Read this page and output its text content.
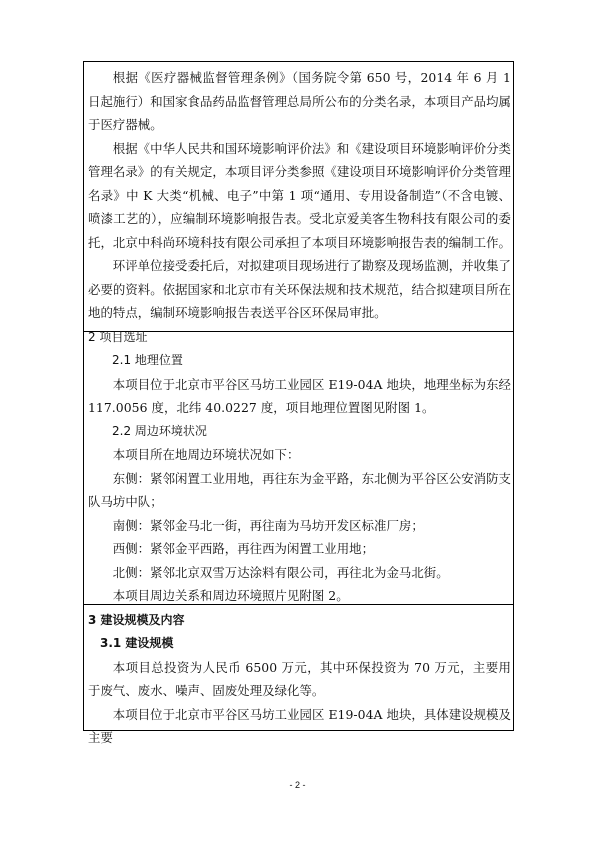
根据《医疗器械监督管理条例》（国务院令第 650 号，2014 年 6 月 1 日起施行）和国家食品药品监督管理总局所公布的分类名录，本项目产品均属于医疗器械。

根据《中华人民共和国环境影响评价法》和《建设项目环境影响评价分类管理名录》的有关规定，本项目评分类参照《建设项目环境影响评价分类管理名录》中 K 大类“机械、电子”中第 1 项“通用、专用设备制造”（不含电镀、喷漆工艺的），应编制环境影响报告表。受北京爱美客生物科技有限公司的委托，北京中科尚环境科技有限公司承担了本项目环境影响报告表的编制工作。

环评单位接受委托后，对拟建项目现场进行了勘察及现场监测，并收集了必要的资料。依据国家和北京市有关环保法规和技术规范，结合拟建项目所在地的特点，编制环境影响报告表送平谷区环保局审批。

2 项目选址

2.1 地理位置

本项目位于北京市平谷区马坊工业园区 E19-04A 地块，地理坐标为东经 117.0056 度，北纬 40.0227 度，项目地理位置图见附图 1。

2.2 周边环境状况

本项目所在地周边环境状况如下：

东侧：紧邻闲置工业用地，再往东为金平路，东北侧为平谷区公安消防支队马坊中队；

南侧：紧邻金马北一街，再往南为马坊开发区标准厂房；

西侧：紧邻金平西路，再往西为闲置工业用地；

北侧：紧邻北京双雪万达涂料有限公司，再往北为金马北街。

本项目周边关系和周边环境照片见附图 2。

3 建设规模及内容

3.1 建设规模

本项目总投资为人民币 6500 万元，其中环保投资为 70 万元，主要用于废气、废水、噪声、固废处理及绿化等。

本项目位于北京市平谷区马坊工业园区 E19-04A 地块，具体建设规模及主要

- 2 -
